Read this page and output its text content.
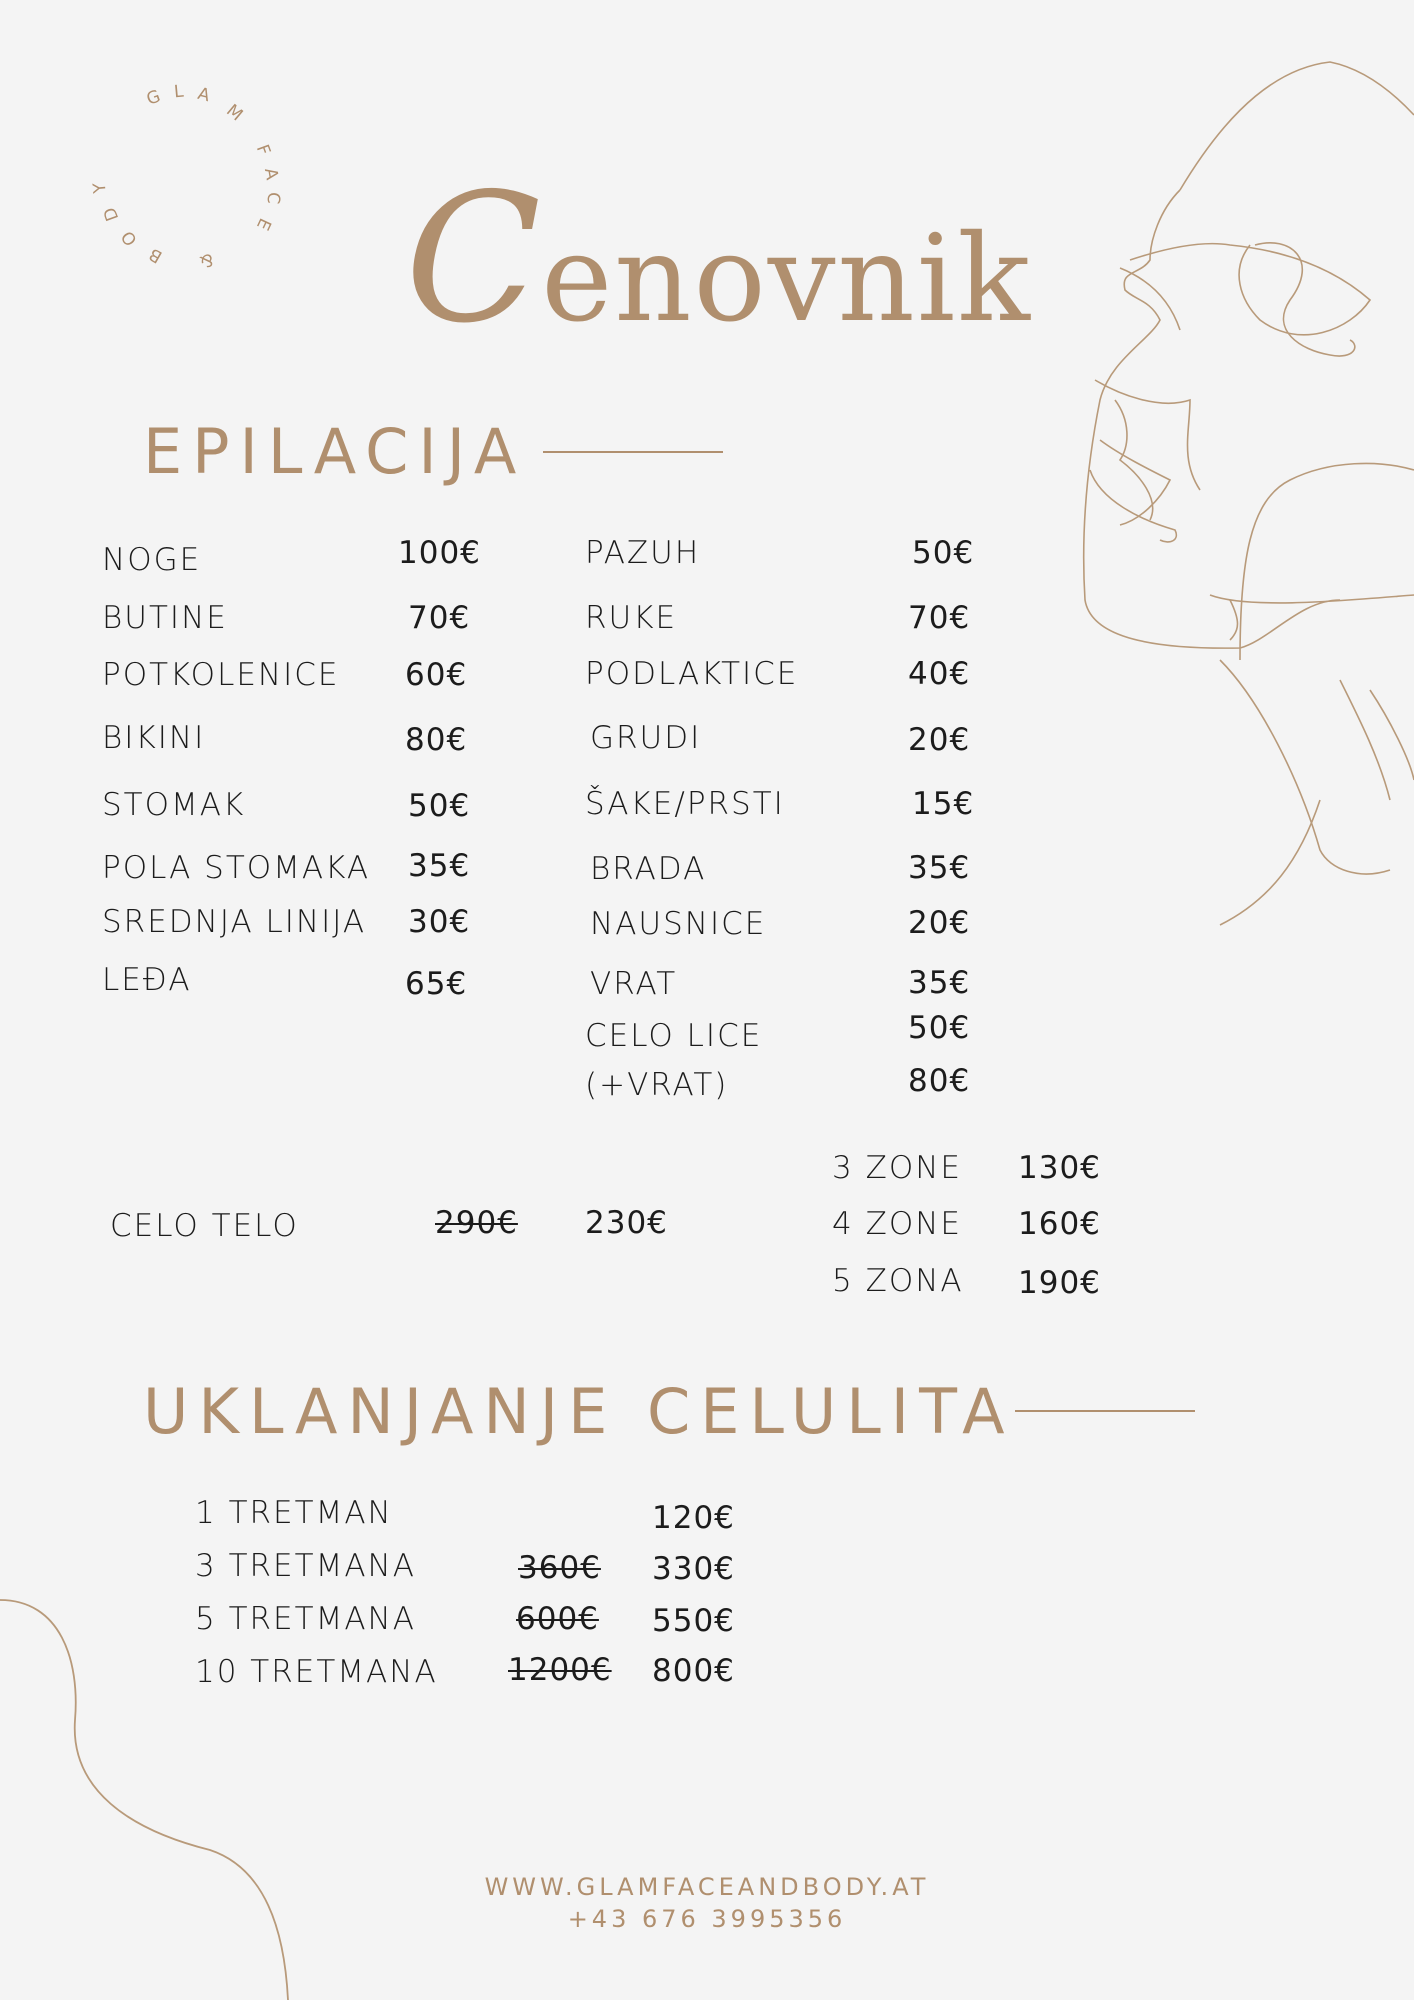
G L A
M
F
A
C
E
&
B
O
D
Y Cenovnik
EPILACIJA
NOGE	100€
BUTINE	70€
POTKOLENICE 60€
BIKINI	80€
STOMAK	50€
POLA STOMAKA 35€
SREDNJA LINIJA 30€
LEĐA	65€
PAZUH	50€
RUKE	70€
PODLAKTICE	40€
GRUDI	20€
ŠAKE/PRSTI	15€
BRADA	35€
NAUSNICE	20€
VRAT	35€
CELO LICE	50€
(+VRAT)	80€
CELO TELO	290€ 230€
3 ZONE 130€
4 ZONE 160€
5 ZONA 190€
UKLANJANJE CELULITA
1 TRETMAN	120€
3 TRETMANA	360€ 330€
5 TRETMANA	600€ 550€
10 TRETMANA 1200€ 800€
WWW.GLAMFACEANDBODY.AT
+43 676 3995356
